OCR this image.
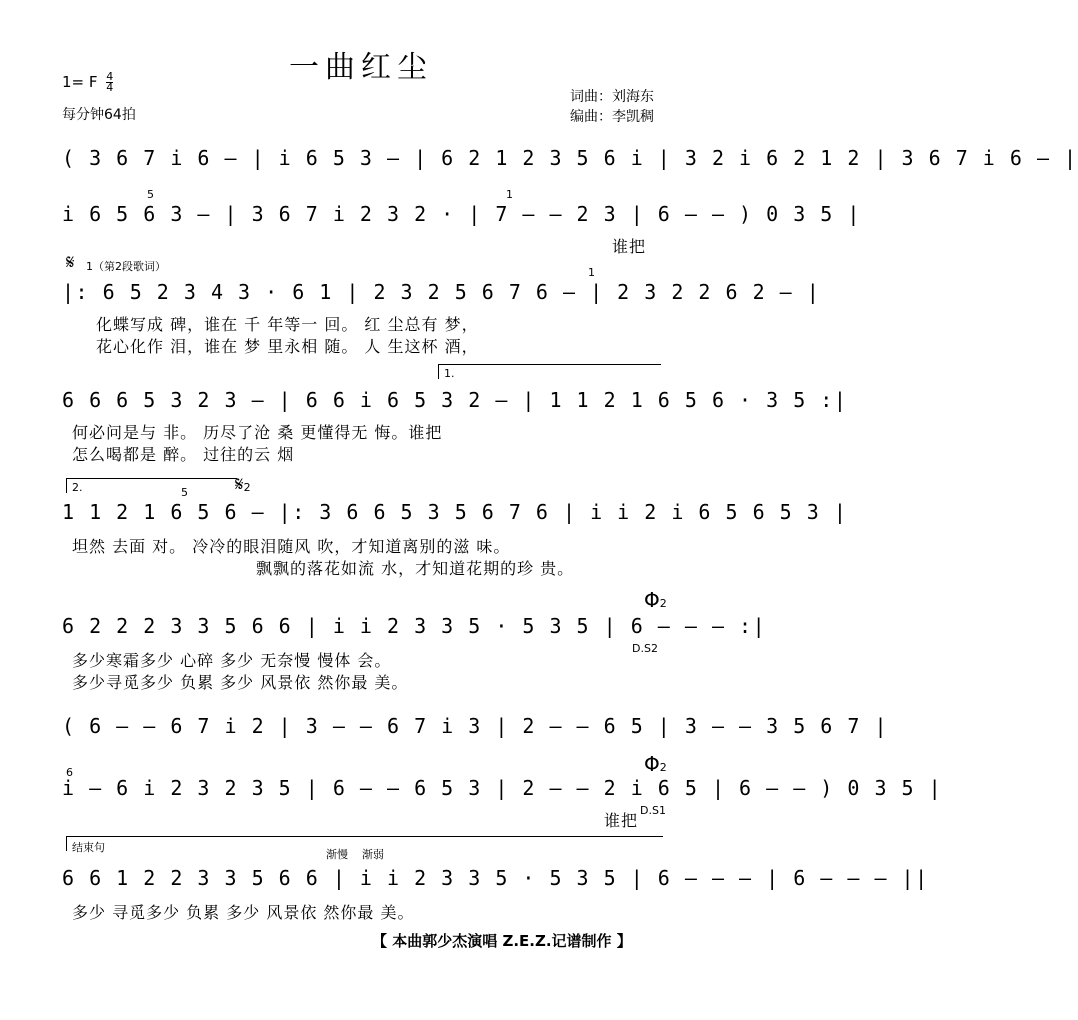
一曲红尘
1= F $\frac{4}{4}$
每分钟64拍
词曲：刘海东
编曲：李凯稠
( 3 6 7 i 6 – | i 6 5 3 – | 6 2 1 2 3 5 6 i | 3 2 i 6 2 1 2 | 3 6 7 i 6 – |
5	1
i 6 5 6 3 – | 3 6 7 i 2 3 2 · | 7 – – 2 3 | 6 – – ) 0 3 5 |
谁把
𝄋 1（第2段歌词）	1
|: 6 5 2 3 4 3 · 6 1 | 2 3 2 5 6 7 6 – | 2 3 2 2 6 2 – |
化蝶写成 碑，谁在 千 年等一 回。 红 尘总有 梦，
花心化作 泪，谁在 梦 里永相 随。 人 生这杯 酒，
1.
6 6 6 5 3 2 3 – | 6 6 i 6 5 3 2 – | 1 1 2 1 6 5 6 · 3 5 :|
何必问是与 非。 历尽了沧 桑 更懂得无 悔。谁把
怎么喝都是 醉。 过往的云 烟
2.	5 𝄋2
1 1 2 1 6 5 6 – |: 3 6 6 5 3 5 6 7 6 | i i 2 i 6 5 6 5 3 |
坦然 去面 对。 冷冷的眼泪随风 吹，才知道离别的滋 味。
飘飘的落花如流 水，才知道花期的珍 贵。
Φ2
6 2 2 2 3 3 5 6 6 | i i 2 3 3 5 · 5 3 5 | 6 – – – :|
D.S2
多少寒霜多少 心碎 多少 无奈慢 慢体 会。
多少寻觅多少 负累 多少 风景依 然你最 美。
( 6 – – 6 7 i 2 | 3 – – 6 7 i 3 | 2 – – 6 5 | 3 – – 3 5 6 7 |
6	Φ2
i – 6 i 2 3 2 3 5 | 6 – – 6 5 3 | 2 – – 2 i 6 5 | 6 – – ) 0 3 5 |
D.S1
谁把
结束句
渐慢 渐弱
6 6 1 2 2 3 3 5 6 6 | i i 2 3 3 5 · 5 3 5 | 6 – – – | 6 – – – ||
多少 寻觅多少 负累 多少 风景依 然你最 美。
【 本曲郭少杰演唱 Z.E.Z.记谱制作 】
